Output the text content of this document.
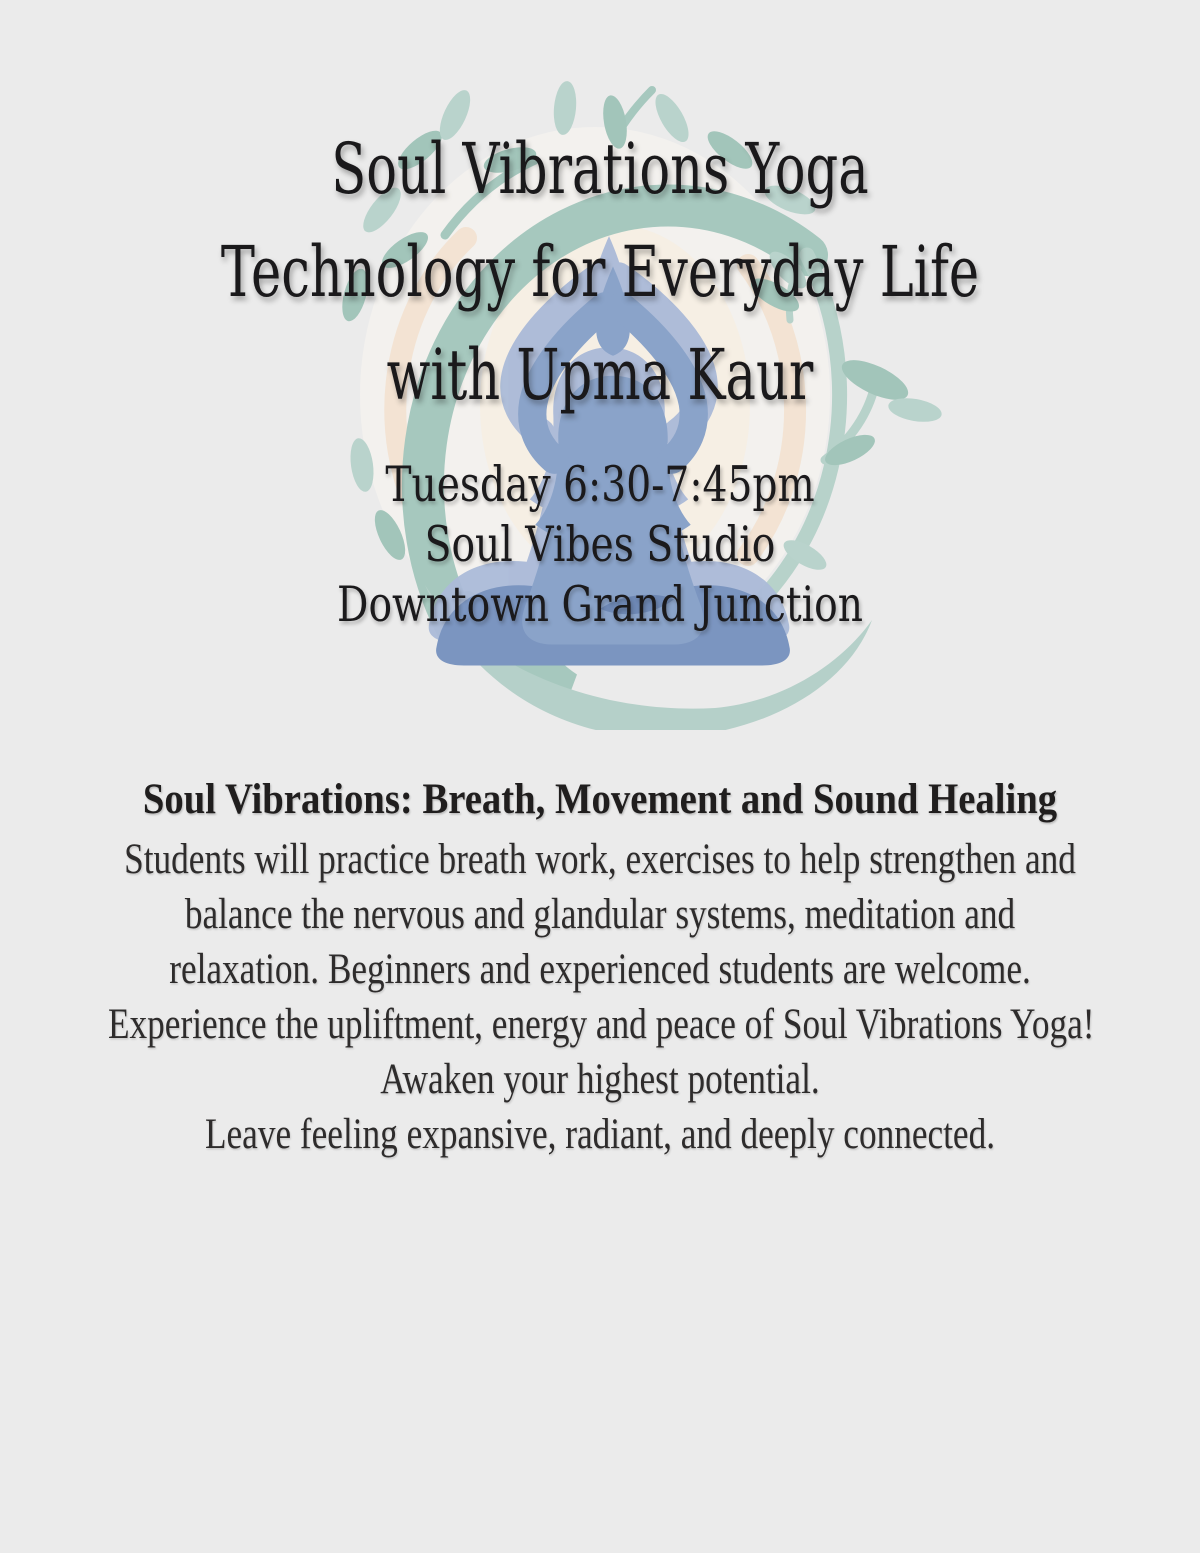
Soul Vibrations Yoga
Technology for Everyday Life
with Upma Kaur
Tuesday 6:30-7:45pm
Soul Vibes Studio
Downtown Grand Junction
Soul Vibrations: Breath, Movement and Sound Healing
Students will practice breath work, exercises to help strengthen and
balance the nervous and glandular systems, meditation and
relaxation. Beginners and experienced students are welcome.
Experience the upliftment, energy and peace of Soul Vibrations Yoga!
Awaken your highest potential.
Leave feeling expansive, radiant, and deeply connected.
